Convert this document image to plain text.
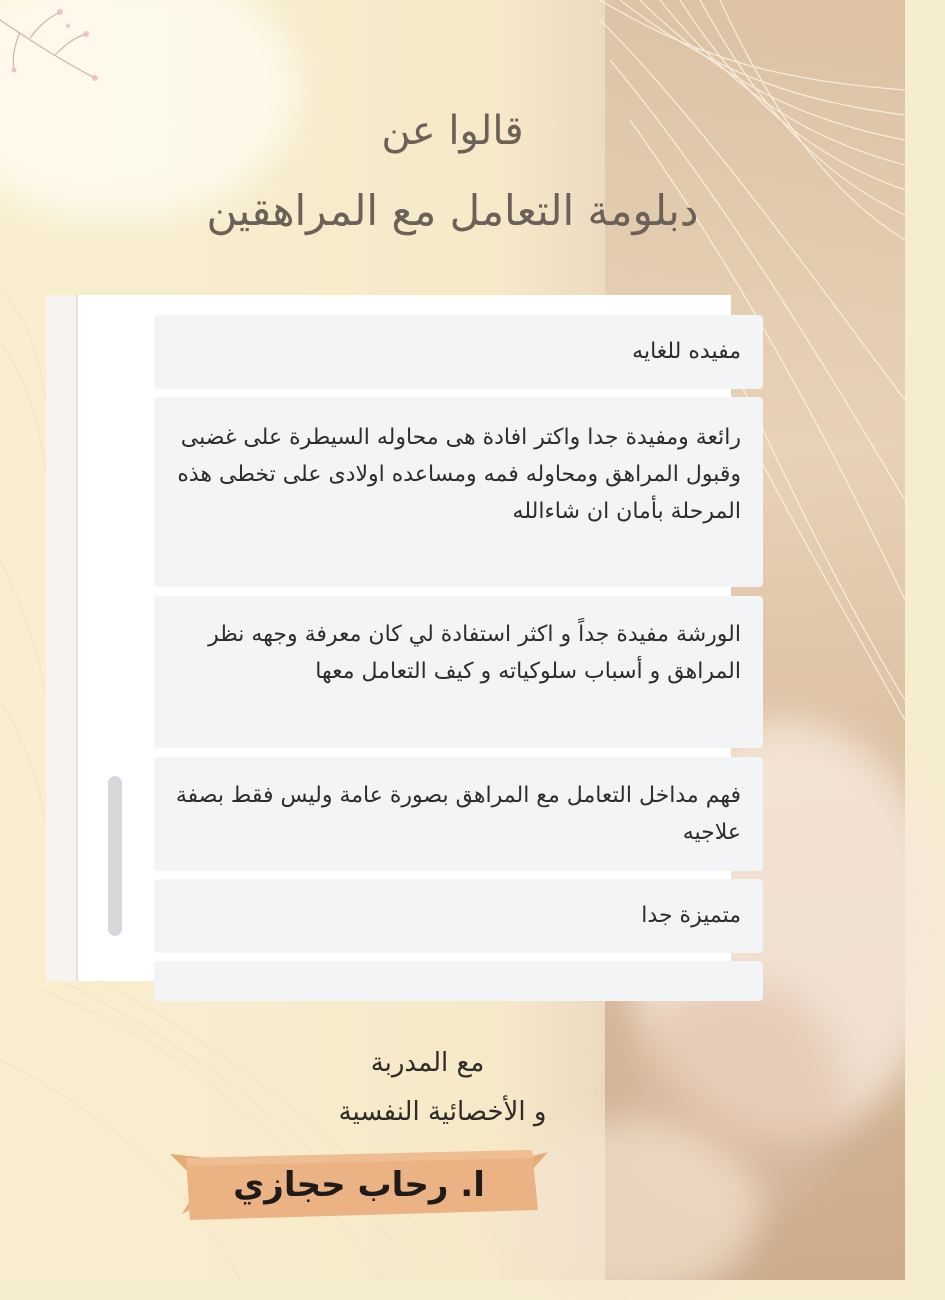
قالوا عن
دبلومة التعامل مع المراهقين
مفيده للغايه
رائعة ومفيدة جدا واكتر افادة هى محاوله السيطرة على غضبى وقبول المراهق ومحاوله فمه ومساعده اولادى على تخطى هذه المرحلة بأمان ان شاءالله
الورشة مفيدة جداً و اكثر استفادة لي كان معرفة وجهه نظر المراهق و أسباب سلوكياته و كيف التعامل معها
فهم مداخل التعامل مع المراهق بصورة عامة وليس فقط بصفة علاجيه
متميزة جدا
مع المدربة
و الأخصائية النفسية
ا. رحاب حجازي
